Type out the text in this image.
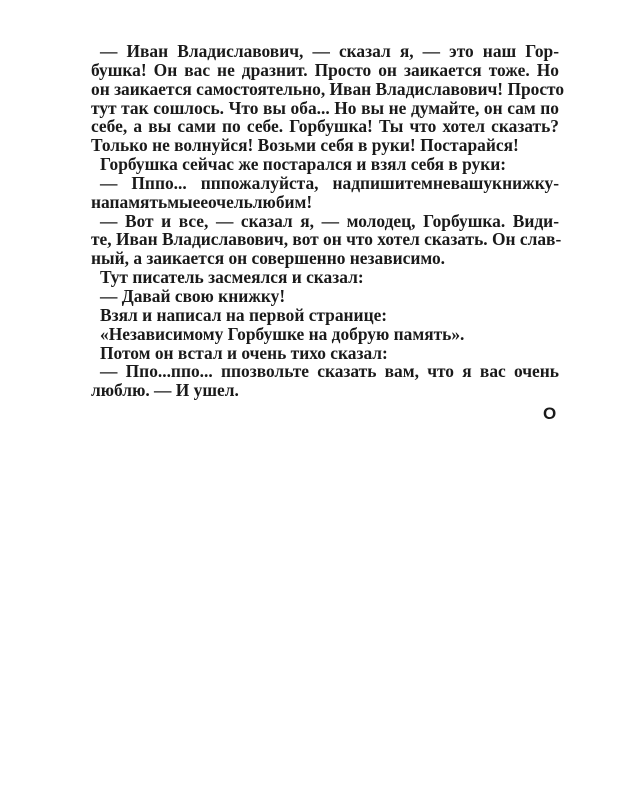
— Иван Владиславович, — сказал я, — это наш Гор-
бушка! Он вас не дразнит. Просто он заикается тоже. Но
он заикается самостоятельно, Иван Владиславович! Просто
тут так сошлось. Что вы оба... Но вы не думайте, он сам по
себе, а вы сами по себе. Горбушка! Ты что хотел сказать?
Только не волнуйся! Возьми себя в руки! Постарайся!
Горбушка сейчас же постарался и взял себя в руки:
— Пппо... пппожалуйста, надпишитемневашукнижку-
напамятьмыееочельлюбим!
— Вот и все, — сказал я, — молодец, Горбушка. Види-
те, Иван Владиславович, вот он что хотел сказать. Он слав-
ный, а заикается он совершенно независимо.
Тут писатель засмеялся и сказал:
— Давай свою книжку!
Взял и написал на первой странице:
«Независимому Горбушке на добрую память».
Потом он встал и очень тихо сказал:
— Ппо...ппо... ппозвольте сказать вам, что я вас очень
люблю. — И ушел.
O
